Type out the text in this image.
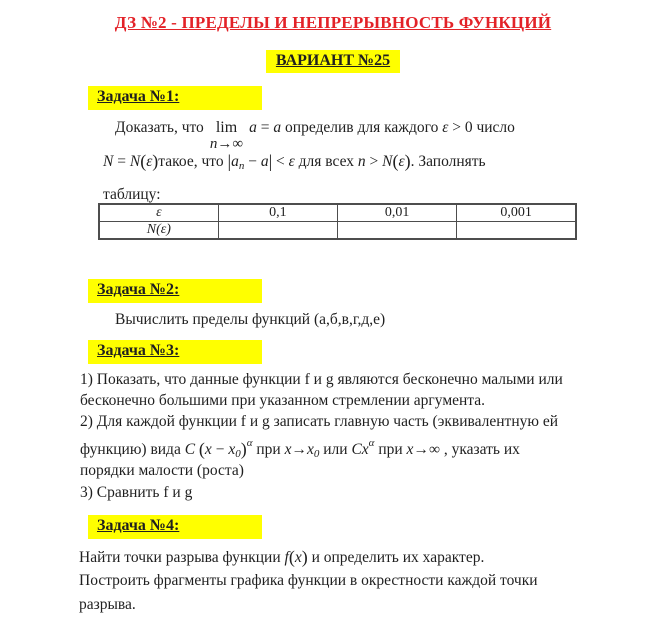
ДЗ №2 - ПРЕДЕЛЫ И НЕПРЕРЫВНОСТЬ ФУНКЦИЙ
ВАРИАНТ №25
Задача №1:
Доказать, что lim
n→∞
a = a определив для каждого ε > 0 число
N = N(ε)такое, что |an − a| < ε для всех n > N(ε). Заполнять
таблицу:
ε	0,1	0,01	0,001
N(ε)			
Задача №2:
Вычислить пределы функций (а,б,в,г,д,е)
Задача №3:
1) Показать, что данные функции f и g являются бесконечно малыми или
бесконечно большими при указанном стремлении аргумента.
2) Для каждой функции f и g записать главную часть (эквивалентную ей
функцию) вида C $(x - x0)^\alpha$ при x→x0 или $Cx^\alpha$ при x→∞ , указать их
порядки малости (роста)
3) Сравнить f и g
Задача №4:
Найти точки разрыва функции f(x) и определить их характер.
Построить фрагменты графика функции в окрестности каждой точки
разрыва.
